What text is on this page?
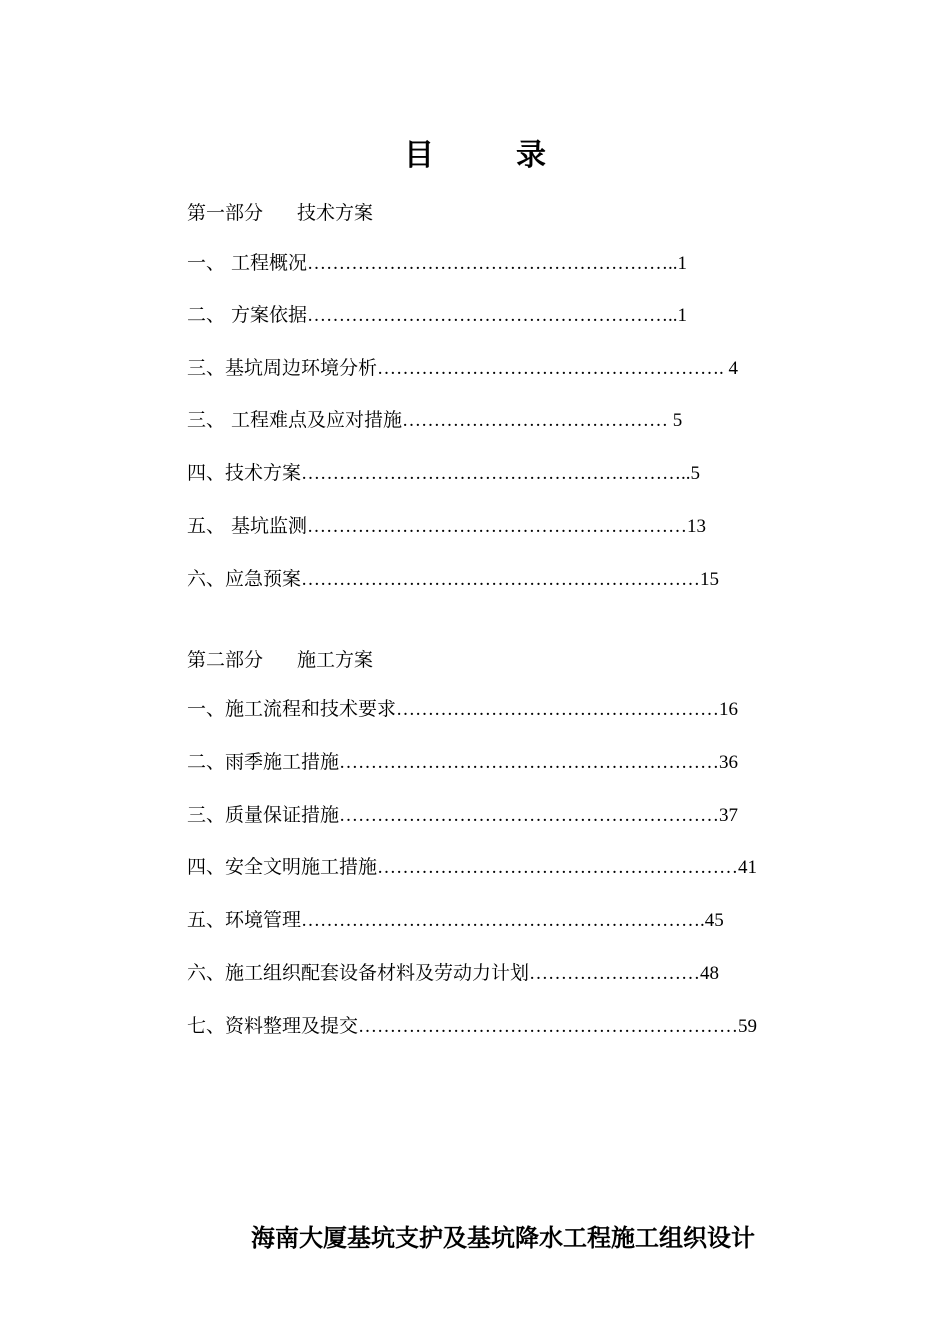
目	录
第一部分 技术方案
一、 工程概况…………………………………………………..1
二、 方案依据…………………………………………………..1
三、基坑周边环境分析………………………………………………. 4
三、 工程难点及应对措施…………………………………… 5
四、技术方案……………………………………………………..5
五、 基坑监测……………………………………………………13
六、应急预案………………………………………………………15
第二部分 施工方案
一、施工流程和技术要求……………………………………………16
二、雨季施工措施……………………………………………………36
三、质量保证措施……………………………………………………37
四、安全文明施工措施…………………………………………………41
五、环境管理……………………………………………………….45
六、施工组织配套设备材料及劳动力计划………………………48
七、资料整理及提交……………………………………………………59
海南大厦基坑支护及基坑降水工程施工组织设计
